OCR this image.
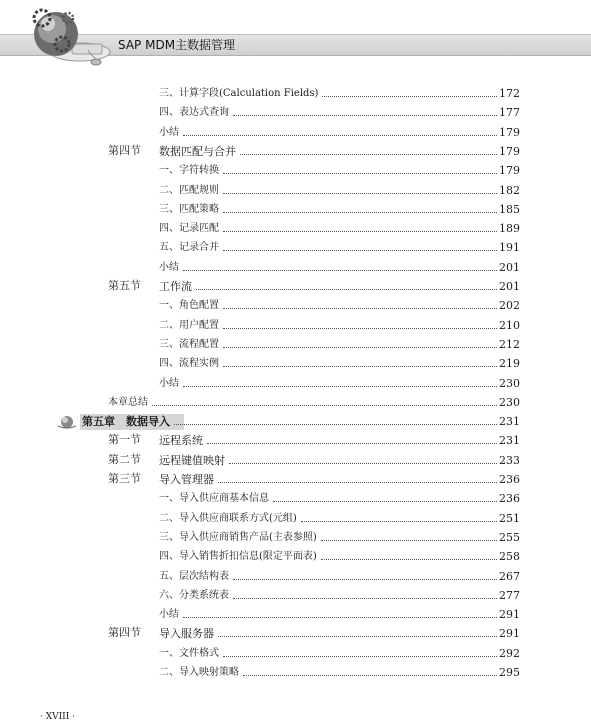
SAP MDM主数据管理
三、计算字段(Calculation Fields)	172
四、表达式查询	177
小结	179
第四节 数据匹配与合并	179
一、字符转换	179
二、匹配规则	182
三、匹配策略	185
四、记录匹配	189
五、记录合并	191
小结	201
第五节 工作流	201
一、角色配置	202
二、用户配置	210
三、流程配置	212
四、流程实例	219
小结	230
本章总结	230
第五章　数据导入	231
第一节 远程系统	231
第二节 远程键值映射	233
第三节 导入管理器	236
一、导入供应商基本信息	236
二、导入供应商联系方式(元组)	251
三、导入供应商销售产品(主表参照)	255
四、导入销售折扣信息(限定平面表)	258
五、层次结构表	267
六、分类系统表	277
小结	291
第四节 导入服务器	291
一、文件格式	292
二、导入映射策略	295
· XVIII ·
